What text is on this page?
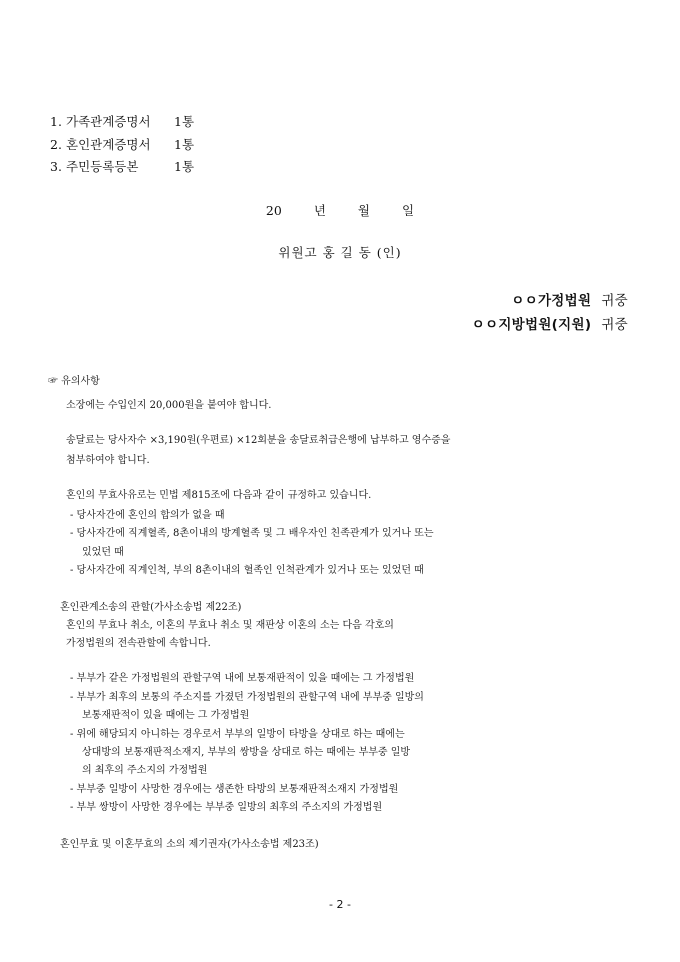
1. 가족관계증명서 1통
2. 혼인관계증명서 1통
3. 주민등록등본	1통
20	년	월	일
위원고 홍 길 동 (인)
ㅇㅇ가정법원 귀중
ㅇㅇ지방법원(지원) 귀중
☞ 유의사항
소장에는 수입인지 20,000원을 붙여야 합니다.
송달료는 당사자수 ×3,190원(우편료) ×12회분을 송달료취급은행에 납부하고 영수증을
첨부하여야 합니다.
혼인의 무효사유로는 민법 제815조에 다음과 같이 규정하고 있습니다.
- 당사자간에 혼인의 합의가 없을 때
- 당사자간에 직계혈족, 8촌이내의 방계혈족 및 그 배우자인 친족관계가 있거나 또는
있었던 때
- 당사자간에 직계인척, 부의 8촌이내의 혈족인 인척관계가 있거나 또는 있었던 때
혼인관계소송의 관할(가사소송법 제22조)
혼인의 무효나 취소, 이혼의 무효나 취소 및 재판상 이혼의 소는 다음 각호의
가정법원의 전속관할에 속합니다.
- 부부가 같은 가정법원의 관할구역 내에 보통재판적이 있을 때에는 그 가정법원
- 부부가 최후의 보통의 주소지를 가졌던 가정법원의 관할구역 내에 부부중 일방의
보통재판적이 있을 때에는 그 가정법원
- 위에 해당되지 아니하는 경우로서 부부의 일방이 타방을 상대로 하는 때에는
상대방의 보통재판적소재지, 부부의 쌍방을 상대로 하는 때에는 부부중 일방
의 최후의 주소지의 가정법원
- 부부중 일방이 사망한 경우에는 생존한 타방의 보통재판적소재지 가정법원
- 부부 쌍방이 사망한 경우에는 부부중 일방의 최후의 주소지의 가정법원
혼인무효 및 이혼무효의 소의 제기권자(가사소송법 제23조)
- 2 -
